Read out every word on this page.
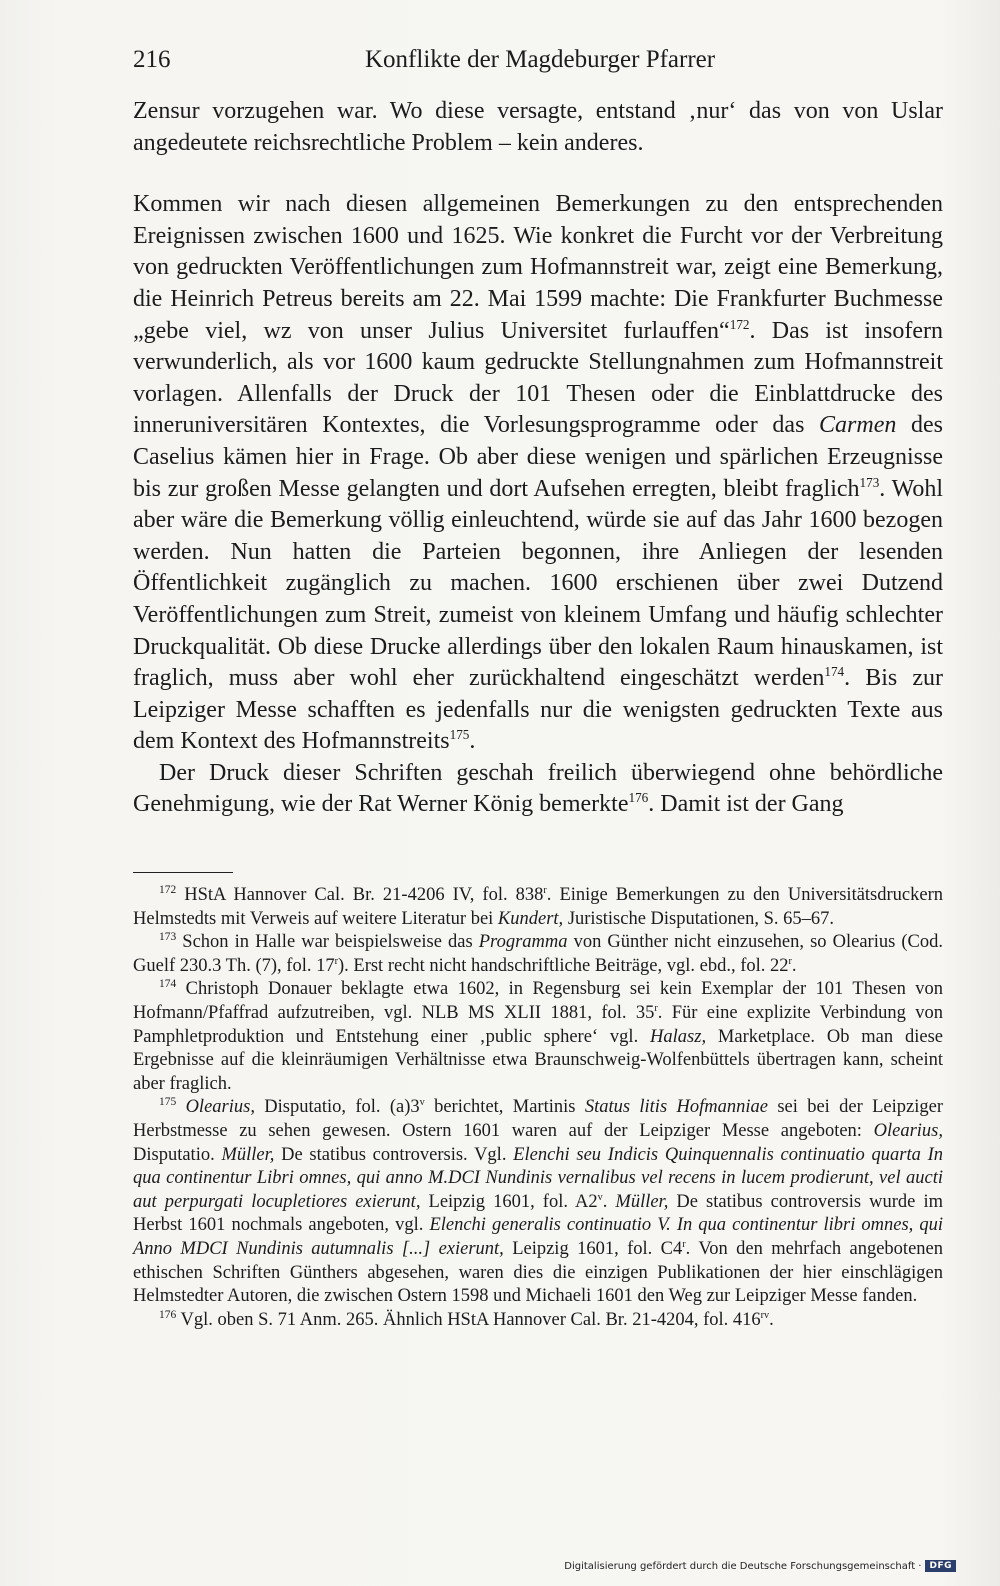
216	Konflikte der Magdeburger Pfarrer

Zensur vorzugehen war. Wo diese versagte, entstand ‚nur‘ das von von Uslar angedeutete reichsrechtliche Problem – kein anderes.

Kommen wir nach diesen allgemeinen Bemerkungen zu den entsprechenden Ereignissen zwischen 1600 und 1625. Wie konkret die Furcht vor der Verbreitung von gedruckten Veröffentlichungen zum Hofmannstreit war, zeigt eine Bemerkung, die Heinrich Petreus bereits am 22. Mai 1599 machte: Die Frankfurter Buchmesse „gebe viel, wz von unser Julius Universitet furlauffen“$^{172}$. Das ist insofern verwunderlich, als vor 1600 kaum gedruckte Stellungnahmen zum Hofmannstreit vorlagen. Allenfalls der Druck der 101 Thesen oder die Einblattdrucke des inneruniversitären Kontextes, die Vorlesungsprogramme oder das Carmen des Caselius kämen hier in Frage. Ob aber diese wenigen und spärlichen Erzeugnisse bis zur großen Messe gelangten und dort Aufsehen erregten, bleibt fraglich$^{173}$. Wohl aber wäre die Bemerkung völlig einleuchtend, würde sie auf das Jahr 1600 bezogen werden. Nun hatten die Parteien begonnen, ihre Anliegen der lesenden Öffentlichkeit zugänglich zu machen. 1600 erschienen über zwei Dutzend Veröffentlichungen zum Streit, zumeist von kleinem Umfang und häufig schlechter Druckqualität. Ob diese Drucke allerdings über den lokalen Raum hinauskamen, ist fraglich, muss aber wohl eher zurückhaltend eingeschätzt werden$^{174}$. Bis zur Leipziger Messe schafften es jedenfalls nur die wenigsten gedruckten Texte aus dem Kontext des Hofmannstreits$^{175}$.

Der Druck dieser Schriften geschah freilich überwiegend ohne behördliche Genehmigung, wie der Rat Werner König bemerkte$^{176}$. Damit ist der Gang

$^{172}$ HStA Hannover Cal. Br. 21-4206 IV, fol. 838$^r$. Einige Bemerkungen zu den Universitätsdruckern Helmstedts mit Verweis auf weitere Literatur bei Kundert, Juristische Disputationen, S. 65–67.

$^{173}$ Schon in Halle war beispielsweise das Programma von Günther nicht einzusehen, so Olearius (Cod. Guelf 230.3 Th. (7), fol. 17$^r$). Erst recht nicht handschriftliche Beiträge, vgl. ebd., fol. 22$^r$.

$^{174}$ Christoph Donauer beklagte etwa 1602, in Regensburg sei kein Exemplar der 101 Thesen von Hofmann/Pfaffrad aufzutreiben, vgl. NLB MS XLII 1881, fol. 35$^r$. Für eine explizite Verbindung von Pamphletproduktion und Entstehung einer ‚public sphere‘ vgl. Halasz, Marketplace. Ob man diese Ergebnisse auf die kleinräumigen Verhältnisse etwa Braunschweig-Wolfenbüttels übertragen kann, scheint aber fraglich.

$^{175}$ Olearius, Disputatio, fol. (a)3$^v$ berichtet, Martinis Status litis Hofmanniae sei bei der Leipziger Herbstmesse zu sehen gewesen. Ostern 1601 waren auf der Leipziger Messe angeboten: Olearius, Disputatio. Müller, De statibus controversis. Vgl. Elenchi seu Indicis Quinquennalis continuatio quarta In qua continentur Libri omnes, qui anno M.DCI Nundinis vernalibus vel recens in lucem prodierunt, vel aucti aut perpurgati locupletiores exierunt, Leipzig 1601, fol. A2$^v$. Müller, De statibus controversis wurde im Herbst 1601 nochmals angeboten, vgl. Elenchi generalis continuatio V. In qua continentur libri omnes, qui Anno MDCI Nundinis autumnalis [...] exierunt, Leipzig 1601, fol. C4$^r$. Von den mehrfach angebotenen ethischen Schriften Günthers abgesehen, waren dies die einzigen Publikationen der hier einschlägigen Helmstedter Autoren, die zwischen Ostern 1598 und Michaeli 1601 den Weg zur Leipziger Messe fanden.

$^{176}$ Vgl. oben S. 71 Anm. 265. Ähnlich HStA Hannover Cal. Br. 21-4204, fol. $416^{rv}$.

Digitalisierung gefördert durch die Deutsche Forschungsgemeinschaft · DFG
